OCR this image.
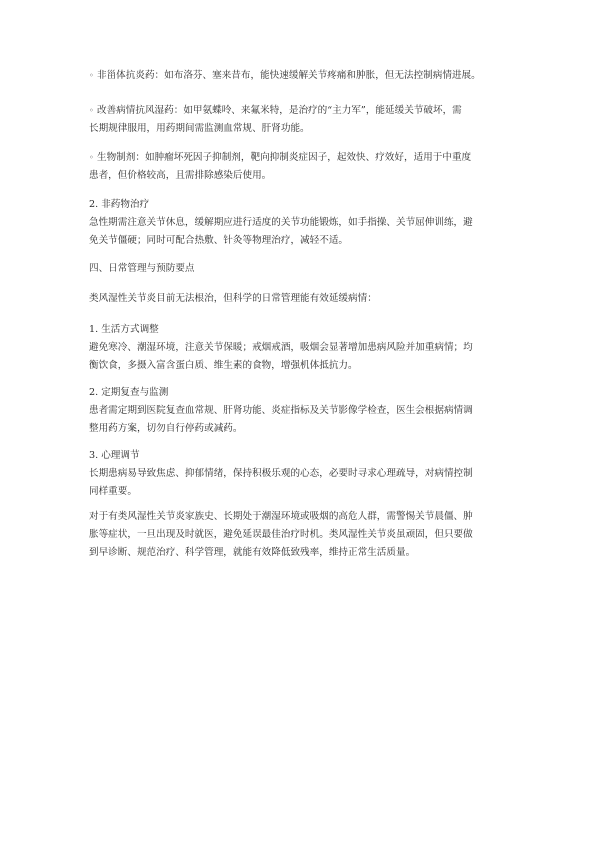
◦ 非甾体抗炎药：如布洛芬、塞来昔布，能快速缓解关节疼痛和肿胀，但无法控制病情进展。

◦ 改善病情抗风湿药：如甲氨蝶呤、来氟米特，是治疗的“主力军”，能延缓关节破坏，需
长期规律服用，用药期间需监测血常规、肝肾功能。

◦ 生物制剂：如肿瘤坏死因子抑制剂，靶向抑制炎症因子，起效快、疗效好，适用于中重度
患者，但价格较高，且需排除感染后使用。

2. 非药物治疗
急性期需注意关节休息，缓解期应进行适度的关节功能锻炼，如手指操、关节屈伸训练，避
免关节僵硬；同时可配合热敷、针灸等物理治疗，减轻不适。

四、日常管理与预防要点

类风湿性关节炎目前无法根治，但科学的日常管理能有效延缓病情：

1. 生活方式调整
避免寒冷、潮湿环境，注意关节保暖；戒烟戒酒，吸烟会显著增加患病风险并加重病情；均
衡饮食，多摄入富含蛋白质、维生素的食物，增强机体抵抗力。

2. 定期复查与监测
患者需定期到医院复查血常规、肝肾功能、炎症指标及关节影像学检查，医生会根据病情调
整用药方案，切勿自行停药或减药。

3. 心理调节
长期患病易导致焦虑、抑郁情绪，保持积极乐观的心态，必要时寻求心理疏导，对病情控制
同样重要。

对于有类风湿性关节炎家族史、长期处于潮湿环境或吸烟的高危人群，需警惕关节晨僵、肿
胀等症状，一旦出现及时就医，避免延误最佳治疗时机。类风湿性关节炎虽顽固，但只要做
到早诊断、规范治疗、科学管理，就能有效降低致残率，维持正常生活质量。
